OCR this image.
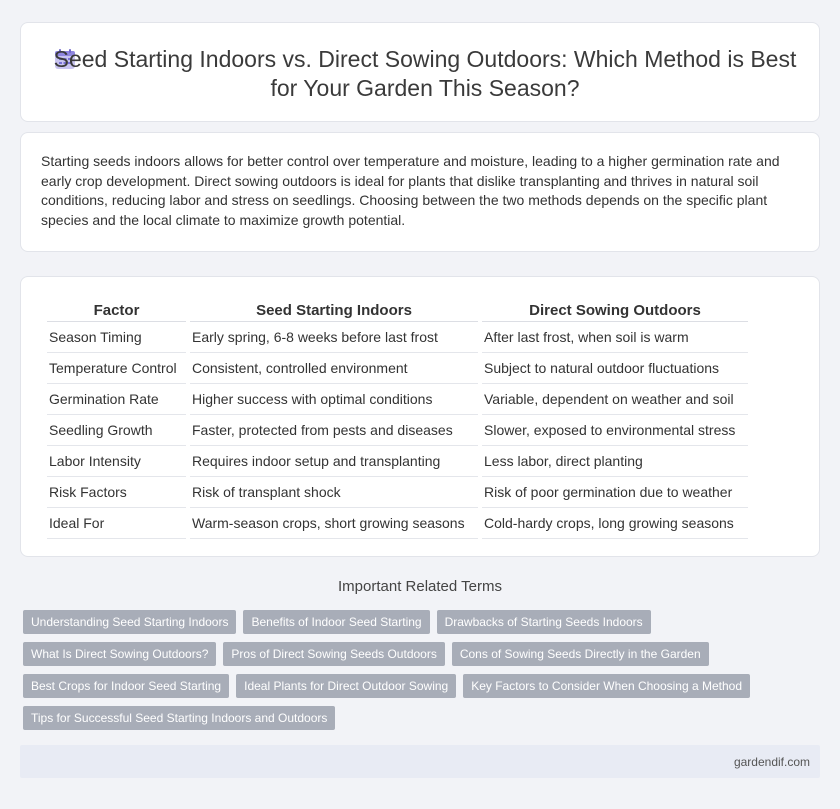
Seed Starting Indoors vs. Direct Sowing Outdoors: Which Method is Best for Your Garden This Season?

Starting seeds indoors allows for better control over temperature and moisture, leading to a higher germination rate and early crop development. Direct sowing outdoors is ideal for plants that dislike transplanting and thrives in natural soil conditions, reducing labor and stress on seedlings. Choosing between the two methods depends on the specific plant species and the local climate to maximize growth potential.

Factor	Seed Starting Indoors	Direct Sowing Outdoors
Season Timing	Early spring, 6-8 weeks before last frost	After last frost, when soil is warm
Temperature Control	Consistent, controlled environment	Subject to natural outdoor fluctuations
Germination Rate	Higher success with optimal conditions	Variable, dependent on weather and soil
Seedling Growth	Faster, protected from pests and diseases	Slower, exposed to environmental stress
Labor Intensity	Requires indoor setup and transplanting	Less labor, direct planting
Risk Factors	Risk of transplant shock	Risk of poor germination due to weather
Ideal For	Warm-season crops, short growing seasons	Cold-hardy crops, long growing seasons
Important Related Terms
Understanding Seed Starting Indoors	Benefits of Indoor Seed Starting	Drawbacks of Starting Seeds Indoors
What Is Direct Sowing Outdoors?	Pros of Direct Sowing Seeds Outdoors	Cons of Sowing Seeds Directly in the Garden
Best Crops for Indoor Seed Starting	Ideal Plants for Direct Outdoor Sowing	Key Factors to Consider When Choosing a Method
Tips for Successful Seed Starting Indoors and Outdoors
gardendif.com
